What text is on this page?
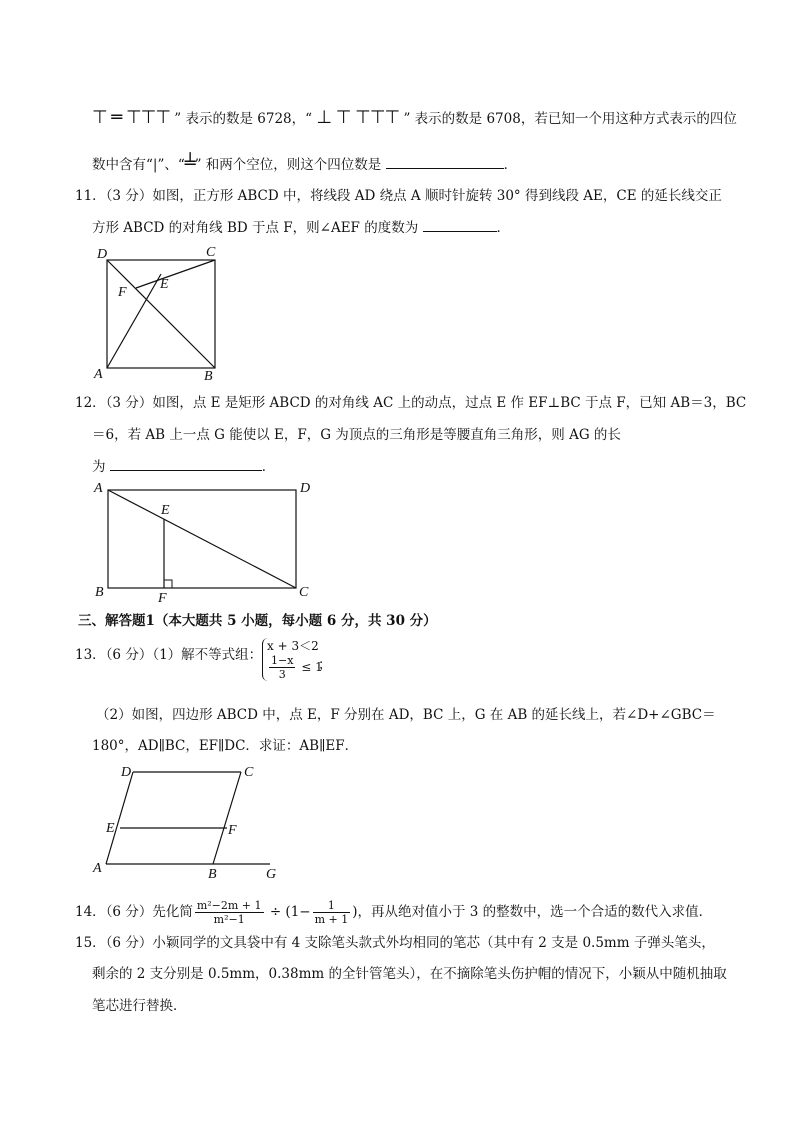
⊤ ═ ⊤⊤⊤ ” 表示的数是 6728，“ ⊥ ⊤ ⊤⊤⊤ ” 表示的数是 6708，若已知一个用这种方式表示的四位
数中含有“|”、“╧” 和两个空位，则这个四位数是	．
11．（3 分）如图，正方形 ABCD 中，将线段 AD 绕点 A 顺时针旋转 30° 得到线段 AE，CE 的延长线交正
方形 ABCD 的对角线 BD 于点 F，则∠AEF 的度数为	．
D	C
F
E
A	B
12．（3 分）如图，点 E 是矩形 ABCD 的对角线 AC 上的动点，过点 E 作 EF⊥BC 于点 F，已知 AB＝3，BC
＝6，若 AB 上一点 G 能使以 E，F，G 为顶点的三角形是等腰直角三角形，则 AG 的长
为	．
A	D
E
B	F	C
三、解答题1（本大题共 5 小题，每小题 6 分，共 30 分）
13．（6 分）（1）解不等式组：
x + 3＜2
$\frac{1-x}{3} \le 1$
；
（2）如图，四边形 ABCD 中，点 E，F 分别在 AD，BC 上，G 在 AB 的延长线上，若∠D+∠GBC＝
180°，AD∥BC，EF∥DC．求证：AB∥EF．
D	C
E	F
A	B	G
14．（6 分）先化简 $\frac{\text{m²−2m + 1}}{\text{m²−1}} \div (1- \frac{1}{m + 1}$ )，再从绝对值小于 3 的整数中，选一个合适的数代入求值．
15．（6 分）小颖同学的文具袋中有 4 支除笔头款式外均相同的笔芯（其中有 2 支是 0.5mm 子弹头笔头，
剩余的 2 支分别是 0.5mm，0.38mm 的全针管笔头），在不摘除笔头伤护帽的情况下，小颖从中随机抽取
笔芯进行替换．
